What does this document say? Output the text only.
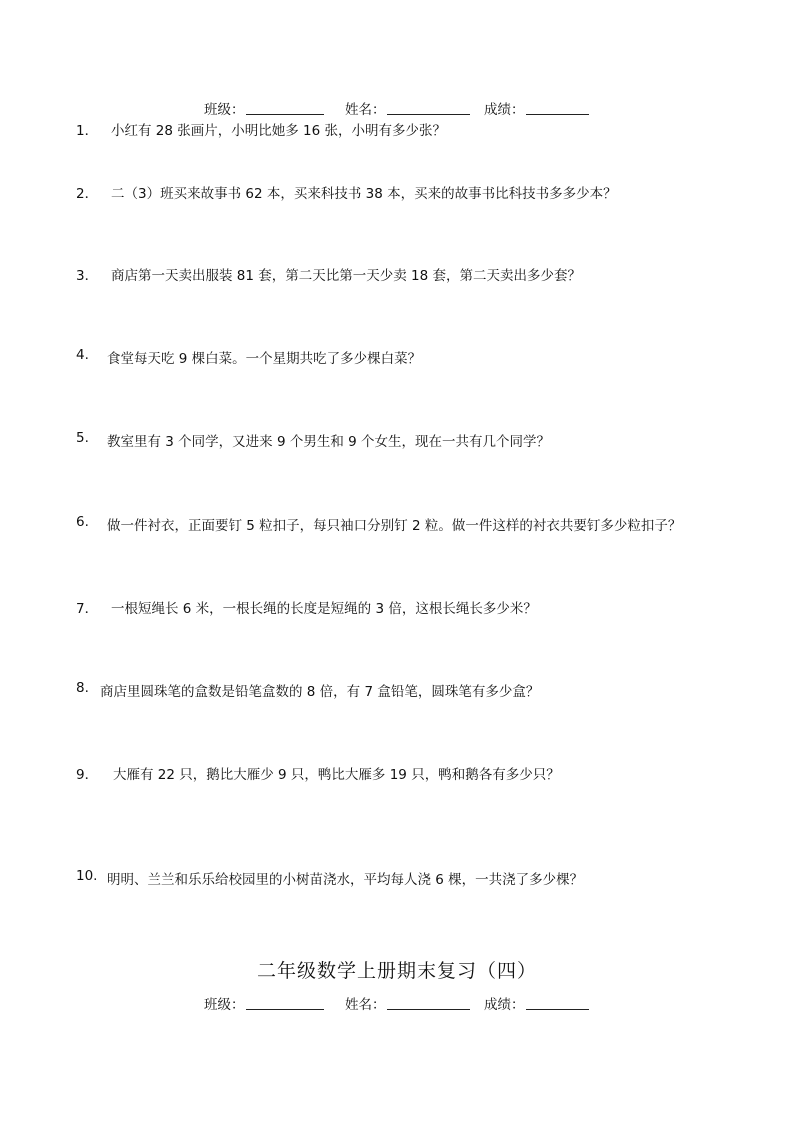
班级：	姓名：	成绩：
1． 小红有 28 张画片，小明比她多 16 张，小明有多少张？
2． 二（3）班买来故事书 62 本，买来科技书 38 本，买来的故事书比科技书多多少本？
3． 商店第一天卖出服装 81 套，第二天比第一天少卖 18 套，第二天卖出多少套？
4. 食堂每天吃 9 棵白菜。一个星期共吃了多少棵白菜？
5. 教室里有 3 个同学，又进来 9 个男生和 9 个女生，现在一共有几个同学？
6. 做一件衬衣，正面要钉 5 粒扣子，每只袖口分别钉 2 粒。做一件这样的衬衣共要钉多少粒扣子？
7． 一根短绳长 6 米，一根长绳的长度是短绳的 3 倍，这根长绳长多少米？
8. 商店里圆珠笔的盒数是铅笔盒数的 8 倍，有 7 盒铅笔，圆珠笔有多少盒？
9． 大雁有 22 只，鹅比大雁少 9 只，鸭比大雁多 19 只，鸭和鹅各有多少只？
10. 明明、兰兰和乐乐给校园里的小树苗浇水，平均每人浇 6 棵，一共浇了多少棵？
二年级数学上册期末复习（四）
班级：	姓名：	成绩：
